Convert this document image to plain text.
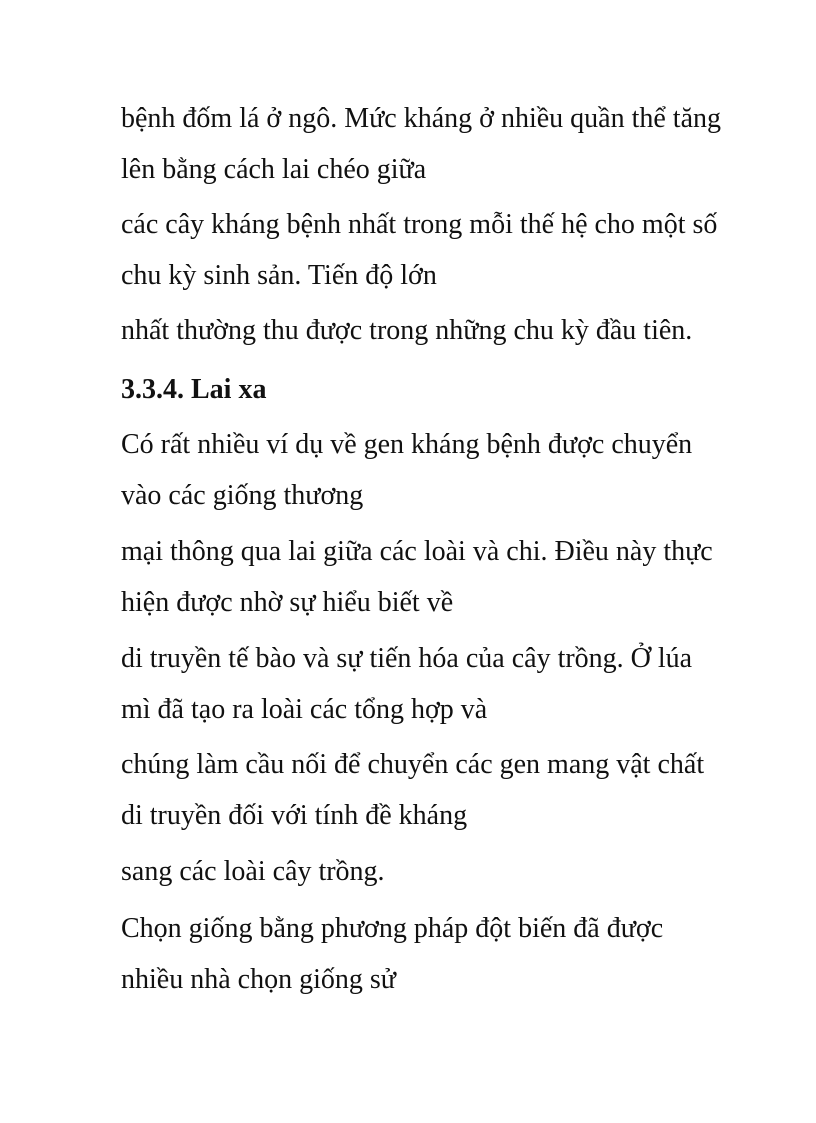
bệnh đốm lá ở ngô. Mức kháng ở nhiều quần thể tăng

lên bằng cách lai chéo giữa

các cây kháng bệnh nhất trong mỗi thế hệ cho một số

chu kỳ sinh sản. Tiến độ lớn

nhất thường thu được trong những chu kỳ đầu tiên.

3.3.4. Lai xa

Có rất nhiều ví dụ về gen kháng bệnh được chuyển

vào các giống thương

mại thông qua lai giữa các loài và chi. Điều này thực

hiện được nhờ sự hiểu biết về

di truyền tế bào và sự tiến hóa của cây trồng. Ở lúa

mì đã tạo ra loài các tổng hợp và

chúng làm cầu nối để chuyển các gen mang vật chất

di truyền đối với tính đề kháng

sang các loài cây trồng.

Chọn giống bằng phương pháp đột biến đã được

nhiều nhà chọn giống sử
